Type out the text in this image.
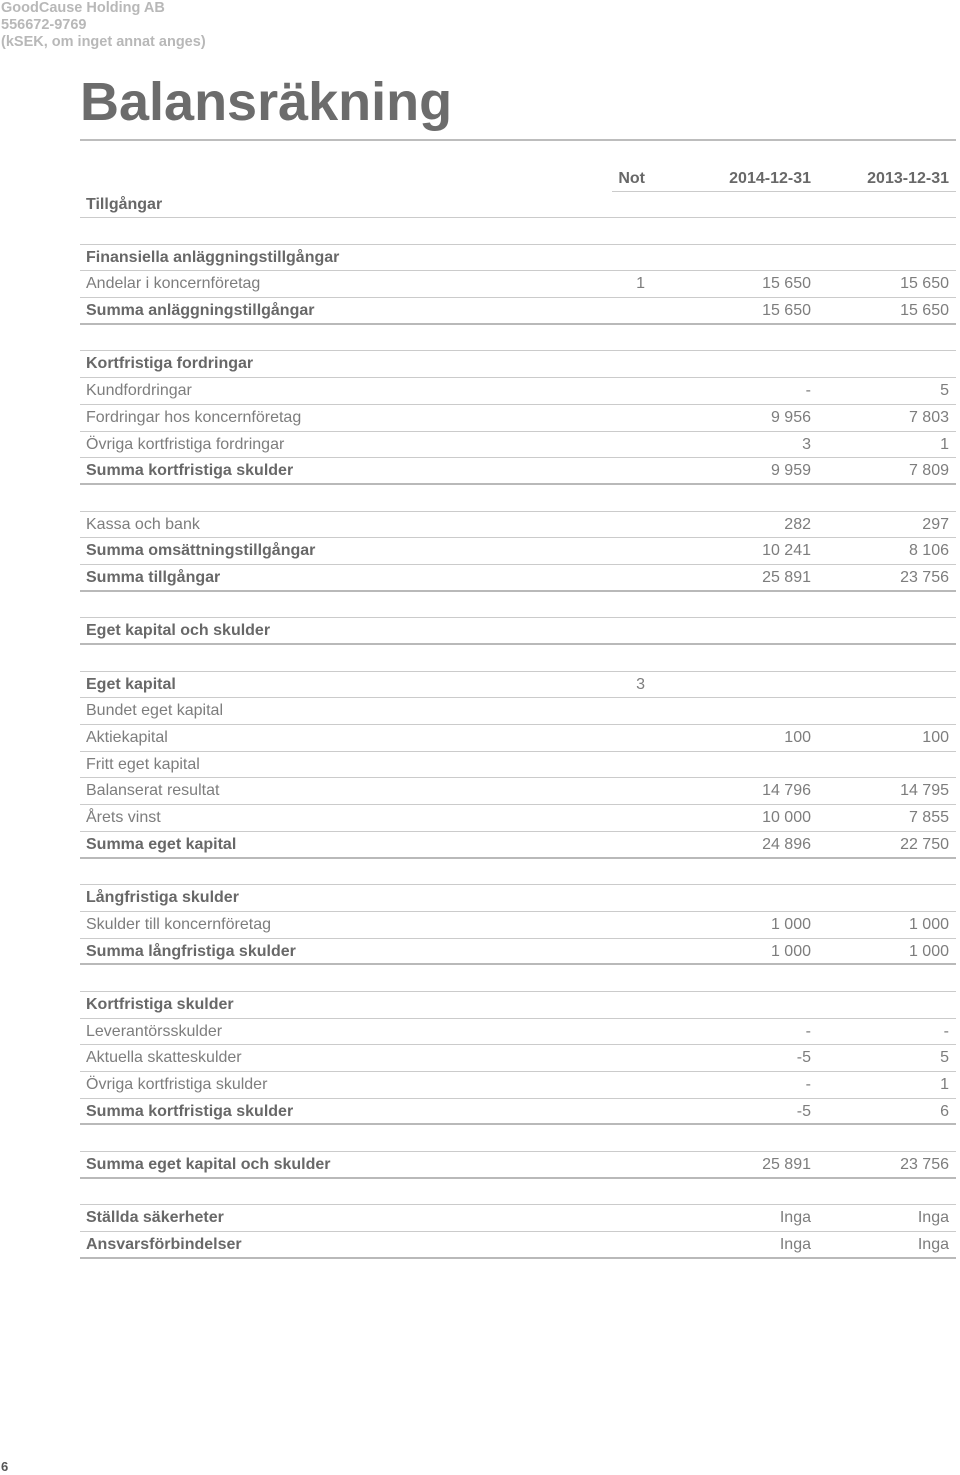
GoodCause Holding AB
556672-9769
(kSEK, om inget annat anges)
Balansräkning
Not	2014-12-31	2013-12-31
Tillgångar
Finansiella anläggningstillgångar
Andelar i koncernföretag	1	15 650	15 650
Summa anläggningstillgångar	15 650	15 650
Kortfristiga fordringar
Kundfordringar	-	5
Fordringar hos koncernföretag	9 956	7 803
Övriga kortfristiga fordringar	3	1
Summa kortfristiga skulder	9 959	7 809
Kassa och bank	282	297
Summa omsättningstillgångar	10 241	8 106
Summa tillgångar	25 891	23 756
Eget kapital och skulder
Eget kapital	3
Bundet eget kapital
Aktiekapital	100	100
Fritt eget kapital
Balanserat resultat	14 796	14 795
Årets vinst	10 000	7 855
Summa eget kapital	24 896	22 750
Långfristiga skulder
Skulder till koncernföretag	1 000	1 000
Summa långfristiga skulder	1 000	1 000
Kortfristiga skulder
Leverantörsskulder	-	-
Aktuella skatteskulder	-5	5
Övriga kortfristiga skulder	-	1
Summa kortfristiga skulder	-5	6
Summa eget kapital och skulder	25 891	23 756
Ställda säkerheter	Inga	Inga
Ansvarsförbindelser	Inga	Inga
6
